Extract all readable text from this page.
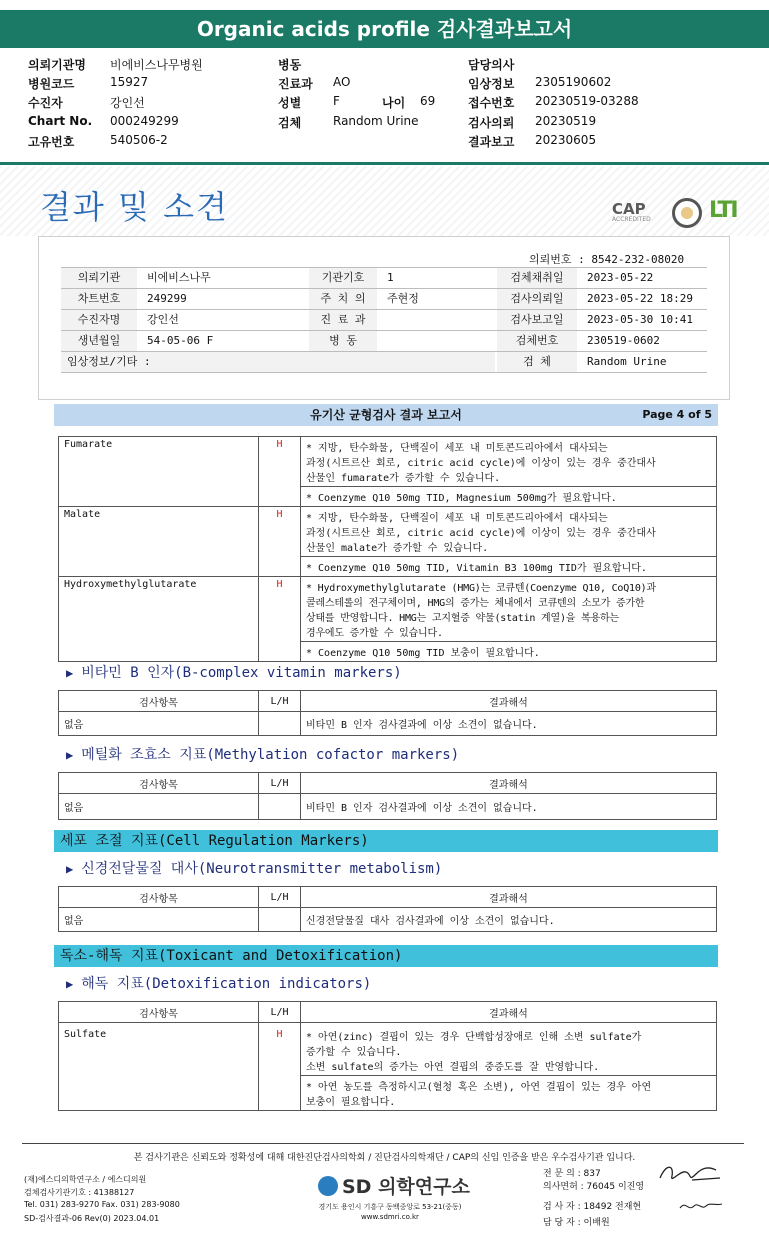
Organic acids profile 검사결과보고서
의뢰기관명 비에비스나무병원
병원코드	15927
수진자	강인선
Chart No. 000249299
고유번호	540506-2
병동
진료과 AO
성별	F	나이 69
검체	Random Urine
담당의사
임상정보 2305190602
접수번호 20230519-03288
검사의뢰 20230519
결과보고 20230605
결과 및 소견	CAP
ACCREDITED	LTI
의뢰번호 : 8542-232-08020
의뢰기관	비에비스나무	기관기호	1	검체채취일	2023-05-22
차트번호	249299	주 치 의	주현정	검사의뢰일	2023-05-22 18:29
수진자명	강인선	진 료 과	검사보고일	2023-05-30 10:41
생년월일	54-05-06 F	병 동	검체번호	230519-0602
임상정보/기타 :	검 체	Random Urine
유기산 균형검사 결과 보고서	Page 4 of 5
Fumarate	H	* 지방, 탄수화물, 단백질이 세포 내 미토콘드리아에서 대사되는
과정(시트르산 회로, citric acid cycle)에 이상이 있는 경우 중간대사
산물인 fumarate가 증가할 수 있습니다.
		* Coenzyme Q10 50mg TID, Magnesium 500mg가 필요합니다.
Malate	H	* 지방, 탄수화물, 단백질이 세포 내 미토콘드리아에서 대사되는
과정(시트르산 회로, citric acid cycle)에 이상이 있는 경우 중간대사
산물인 malate가 증가할 수 있습니다.
		* Coenzyme Q10 50mg TID, Vitamin B3 100mg TID가 필요합니다.
Hydroxymethylglutarate	H	* Hydroxymethylglutarate (HMG)는 코큐텐(Coenzyme Q10, CoQ10)과
콜레스테롤의 전구체이며, HMG의 증가는 체내에서 코큐텐의 소모가 증가한
상태를 반영합니다. HMG는 고지혈증 약물(statin 계열)을 복용하는
경우에도 증가할 수 있습니다.
		* Coenzyme Q10 50mg TID 보충이 필요합니다.
▶ 비타민 B 인자(B-complex vitamin markers)
검사항목	L/H	결과해석
없음		비타민 B 인자 검사결과에 이상 소견이 없습니다.
▶ 메틸화 조효소 지표(Methylation cofactor markers)
검사항목	L/H	결과해석
없음		비타민 B 인자 검사결과에 이상 소견이 없습니다.
세포 조절 지표(Cell Regulation Markers)
▶ 신경전달물질 대사(Neurotransmitter metabolism)
검사항목	L/H	결과해석
없음		신경전달물질 대사 검사결과에 이상 소견이 없습니다.
독소-해독 지표(Toxicant and Detoxification)
▶ 해독 지표(Detoxification indicators)
검사항목	L/H	결과해석
Sulfate	H	* 아연(zinc) 결핍이 있는 경우 단백합성장애로 인해 소변 sulfate가
증가할 수 있습니다.
소변 sulfate의 증가는 아연 결핍의 중증도를 잘 반영합니다.
		* 아연 농도를 측정하시고(혈청 혹은 소변), 아연 결핍이 있는 경우 아연
보충이 필요합니다.
본 검사기관은 신뢰도와 정확성에 대해 대한진단검사의학회 / 진단검사의학재단 / CAP의 신임 인증을 받은 우수검사기관 입니다.
(재)에스디의학연구소 / 에스디의원
검체검사기관기호 : 41388127
Tel. 031) 283-9270 Fax. 031) 283-9080
SD-검사결과-06 Rev(0) 2023.04.01
SD 의학연구소
경기도 용인시 기흥구 동백중앙로 53-21(중동)
www.sdmri.co.kr
전 문 의 : 837
의사면허 : 76045 이진영
검 사 자 : 18492 전재현
담 당 자 : 이배원
